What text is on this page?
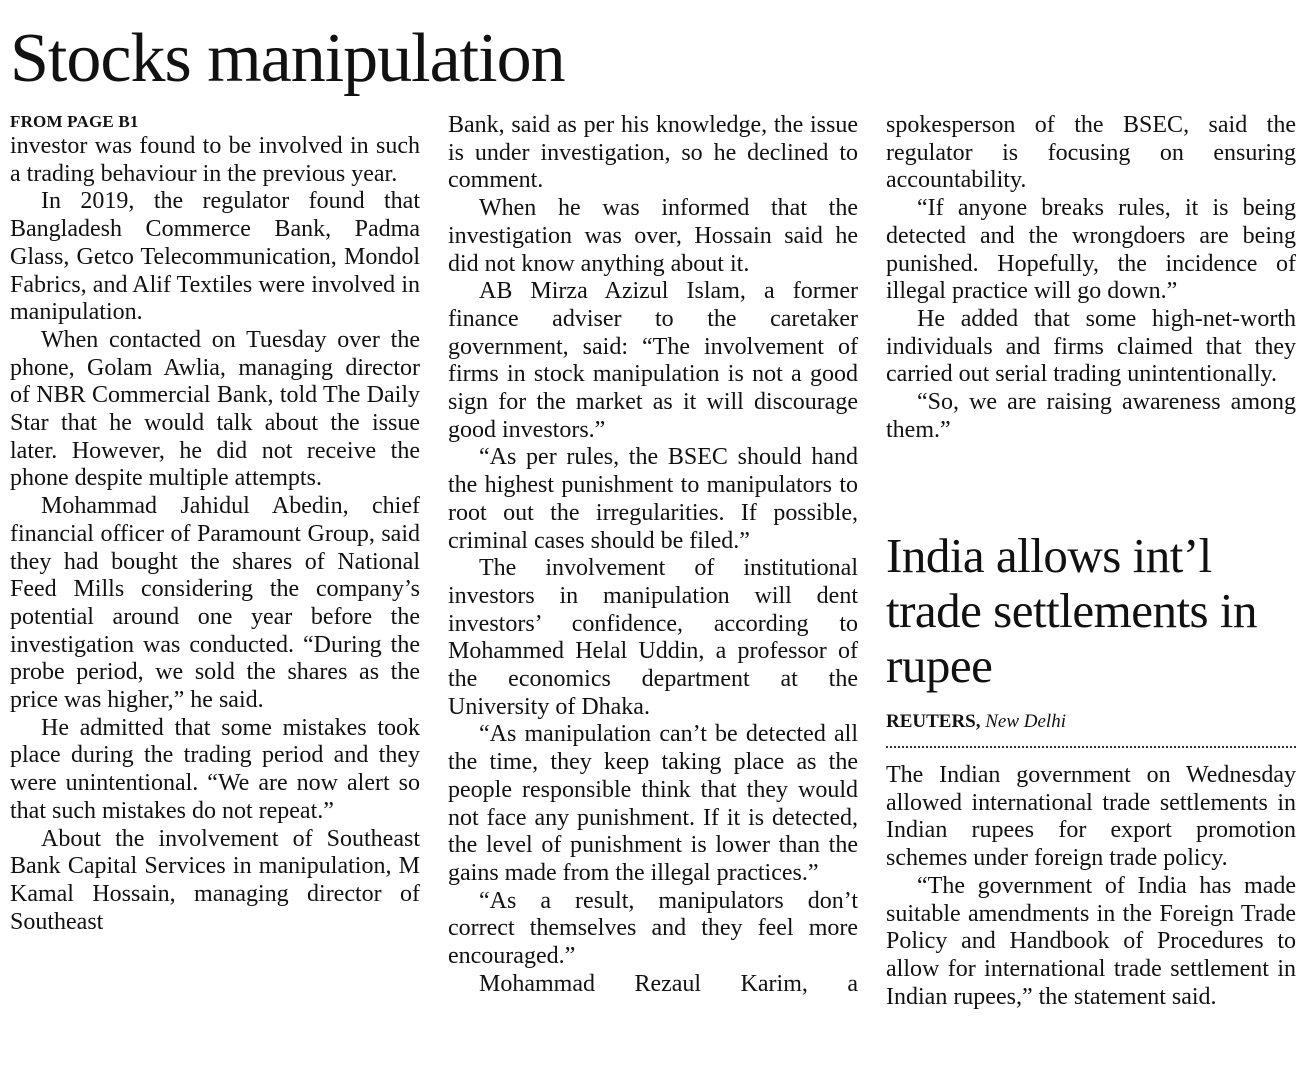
Stocks manipulation
FROM PAGE B1

investor was found to be involved in such a trading behaviour in the previous year.

In 2019, the regulator found that Bangladesh Commerce Bank, Padma Glass, Getco Telecommunication, Mondol Fabrics, and Alif Textiles were involved in manipulation.

When contacted on Tuesday over the phone, Golam Awlia, managing director of NBR Commercial Bank, told The Daily Star that he would talk about the issue later. However, he did not receive the phone despite multiple attempts.

Mohammad Jahidul Abedin, chief financial officer of Paramount Group, said they had bought the shares of National Feed Mills considering the company’s potential around one year before the investigation was conducted. “During the probe period, we sold the shares as the price was higher,” he said.

He admitted that some mistakes took place during the trading period and they were unintentional. “We are now alert so that such mistakes do not repeat.”

About the involvement of Southeast Bank Capital Services in manipulation, M Kamal Hossain, managing director of Southeast

Bank, said as per his knowledge, the issue is under investigation, so he declined to comment.

When he was informed that the investigation was over, Hossain said he did not know anything about it.

AB Mirza Azizul Islam, a former finance adviser to the caretaker government, said: “The involvement of firms in stock manipulation is not a good sign for the market as it will discourage good investors.”

“As per rules, the BSEC should hand the highest punishment to manipulators to root out the irregularities. If possible, criminal cases should be filed.”

The involvement of institutional investors in manipulation will dent investors’ confidence, according to Mohammed Helal Uddin, a professor of the economics department at the University of Dhaka.

“As manipulation can’t be detected all the time, they keep taking place as the people responsible think that they would not face any punishment. If it is detected, the level of punishment is lower than the gains made from the illegal practices.”

“As a result, manipulators don’t correct themselves and they feel more encouraged.”

Mohammad Rezaul Karim, a

spokesperson of the BSEC, said the regulator is focusing on ensuring accountability.

“If anyone breaks rules, it is being detected and the wrongdoers are being punished. Hopefully, the incidence of illegal practice will go down.”

He added that some high-net-worth individuals and firms claimed that they carried out serial trading unintentionally.

“So, we are raising awareness among them.”

India allows int’l trade settlements in rupee
REUTERS, New Delhi

The Indian government on Wednesday allowed international trade settlements in Indian rupees for export promotion schemes under foreign trade policy.

“The government of India has made suitable amendments in the Foreign Trade Policy and Handbook of Procedures to allow for international trade settlement in Indian rupees,” the statement said.
